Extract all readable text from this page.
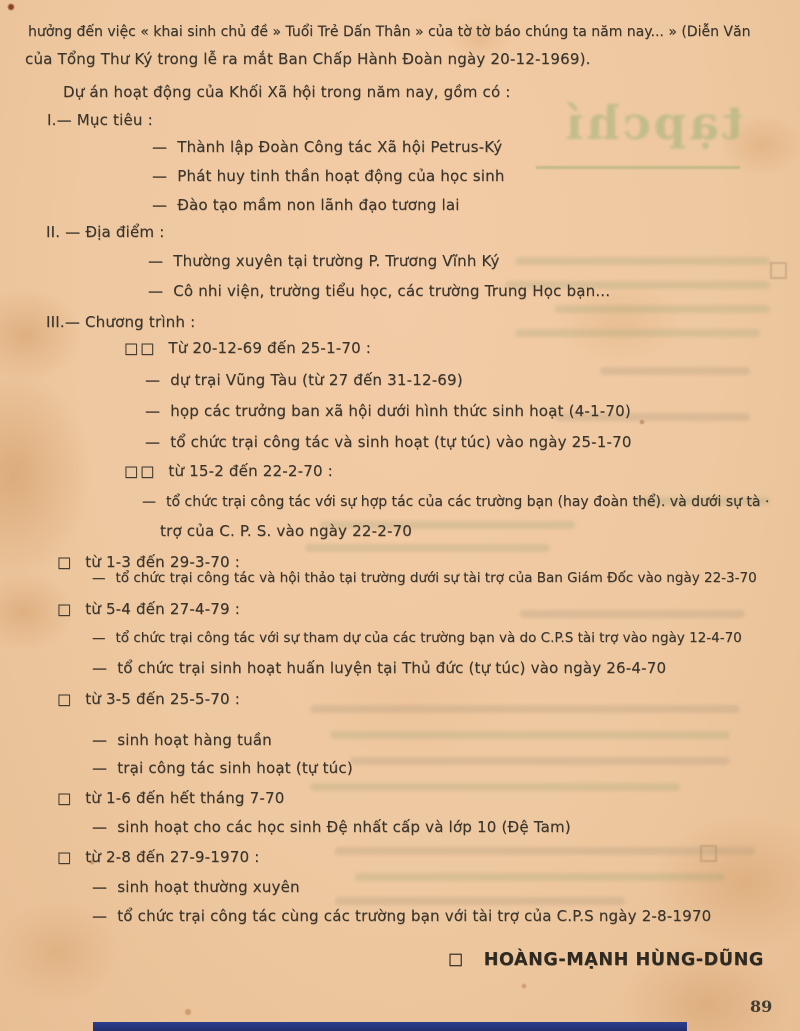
tạpchí
hưởng đến việc « khai sinh chủ đề » Tuổi Trẻ Dấn Thân » của tờ tờ báo chúng ta năm nay... » (Diễn Văn
của Tổng Thư Ký trong lễ ra mắt Ban Chấp Hành Đoàn ngày 20-12-1969).
Dự án hoạt động của Khối Xã hội trong năm nay, gồm có :
I.— Mục tiêu :
— Thành lập Đoàn Công tác Xã hội Petrus-Ký
— Phát huy tinh thần hoạt động của học sinh
— Đào tạo mầm non lãnh đạo tương lai
II. — Địa điểm :
— Thường xuyên tại trường P. Trương Vĩnh Ký
— Cô nhi viện, trường tiểu học, các trường Trung Học bạn...
III.— Chương trình :
□□ Từ 20-12-69 đến 25-1-70 :
— dự trại Vũng Tàu (từ 27 đến 31-12-69)
— họp các trưởng ban xã hội dưới hình thức sinh hoạt (4-1-70)
— tổ chức trại công tác và sinh hoạt (tự túc) vào ngày 25-1-70
□□ từ 15-2 đến 22-2-70 :
— tổ chức trại công tác với sự hợp tác của các trường bạn (hay đoàn thể). và dưới sự tà ·
trợ của C. P. S. vào ngày 22-2-70
□ từ 1-3 đến 29-3-70 :
— tổ chức trại công tác và hội thảo tại trường dưới sự tài trợ của Ban Giám Đốc vào ngày 22-3-70
□ từ 5-4 đến 27-4-79 :
— tổ chức trại công tác với sự tham dự của các trường bạn và do C.P.S tài trợ vào ngày 12-4-70
— tổ chức trại sinh hoạt huấn luyện tại Thủ đức (tự túc) vào ngày 26-4-70
□ từ 3-5 đến 25-5-70 :
— sinh hoạt hàng tuần
— trại công tác sinh hoạt (tự túc)
□ từ 1-6 đến hết tháng 7-70
— sinh hoạt cho các học sinh Đệ nhất cấp và lớp 10 (Đệ Tam)
□ từ 2-8 đến 27-9-1970 :
— sinh hoạt thường xuyên
— tổ chức trại công tác cùng các trường bạn với tài trợ của C.P.S ngày 2-8-1970
□ HOÀNG-MẠNH HÙNG-DŨNG
89
